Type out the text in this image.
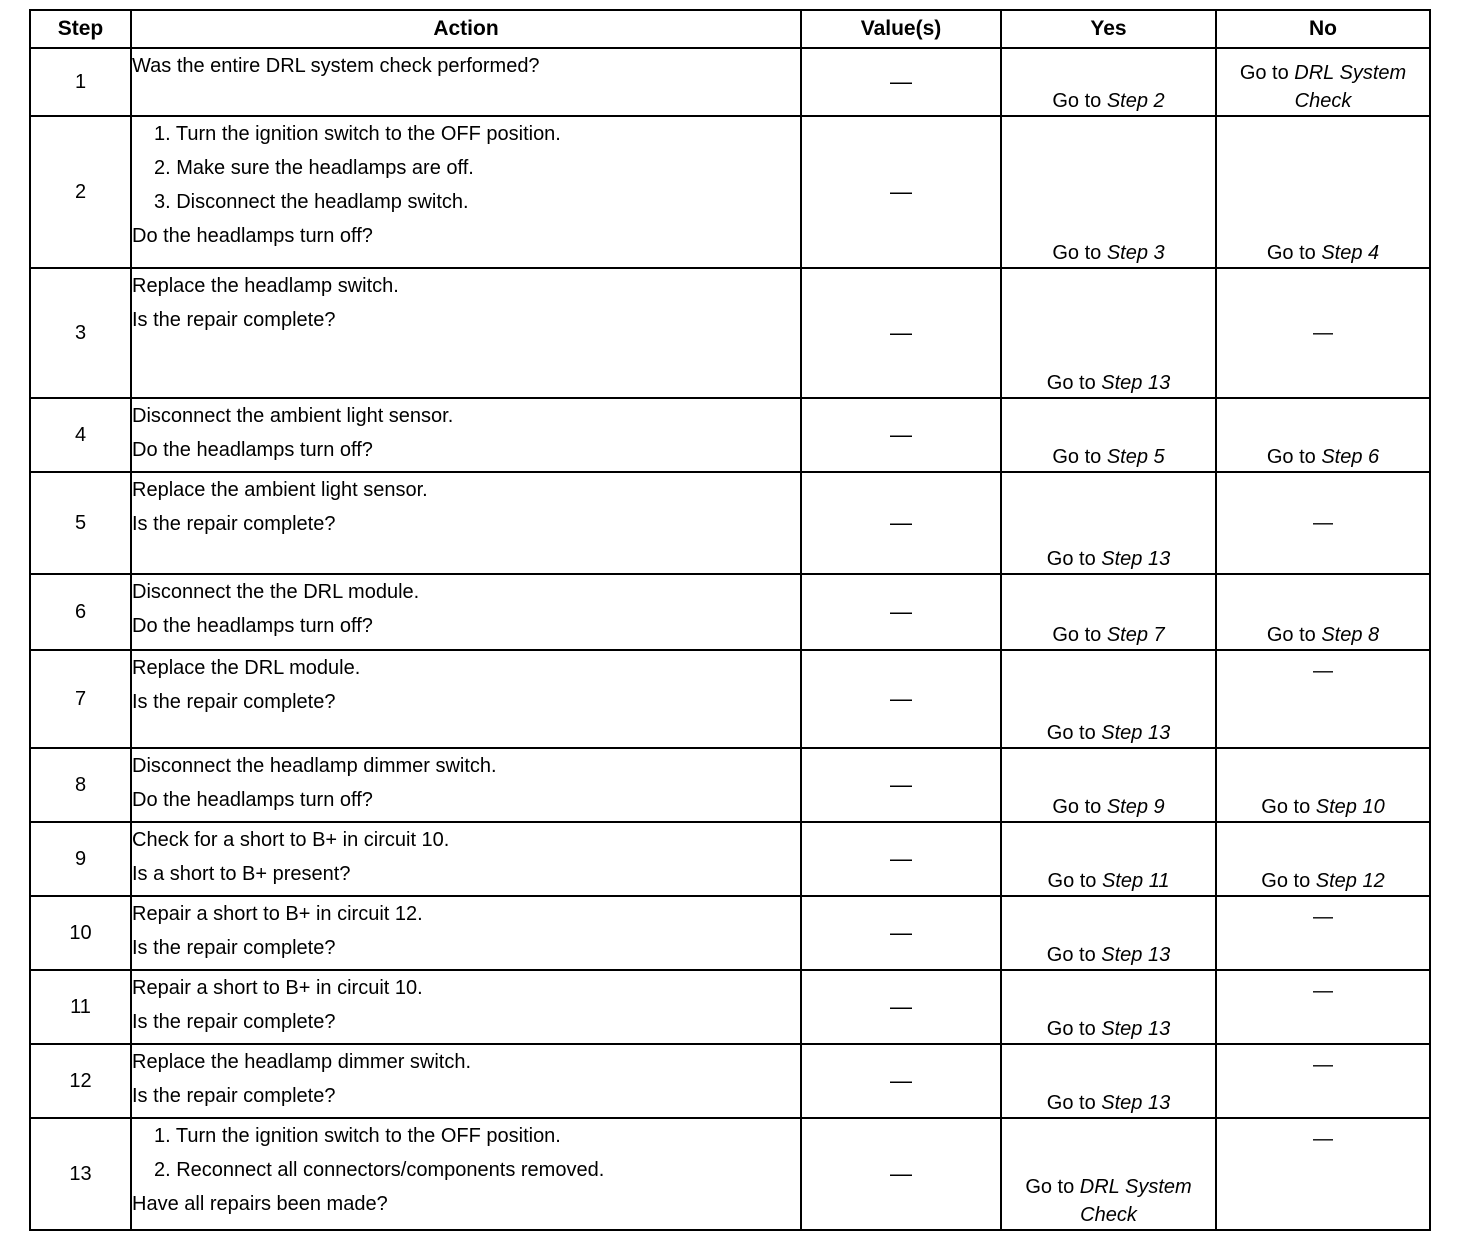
Step	Action	Value(s)	Yes	No
1	Was the entire DRL system check performed?	—	Go to Step 2	Go to DRL System Check
2	1. Turn the ignition switch to the OFF position.
2. Make sure the headlamps are off.
3. Disconnect the headlamp switch.
Do the headlamps turn off?	—	Go to Step 3	Go to Step 4
3	Replace the headlamp switch.
Is the repair complete?	—	Go to Step 13	—
4	Disconnect the ambient light sensor.
Do the headlamps turn off?	—	Go to Step 5	Go to Step 6
5	Replace the ambient light sensor.
Is the repair complete?	—	Go to Step 13	—
6	Disconnect the the DRL module.
Do the headlamps turn off?	—	Go to Step 7	Go to Step 8
7	Replace the DRL module.
Is the repair complete?	—	Go to Step 13	—
8	Disconnect the headlamp dimmer switch.
Do the headlamps turn off?	—	Go to Step 9	Go to Step 10
9	Check for a short to B+ in circuit 10.
Is a short to B+ present?	—	Go to Step 11	Go to Step 12
10	Repair a short to B+ in circuit 12.
Is the repair complete?	—	Go to Step 13	—
11	Repair a short to B+ in circuit 10.
Is the repair complete?	—	Go to Step 13	—
12	Replace the headlamp dimmer switch.
Is the repair complete?	—	Go to Step 13	—
13	1. Turn the ignition switch to the OFF position.
2. Reconnect all connectors/components removed.
Have all repairs been made?	—	Go to DRL System Check	—
